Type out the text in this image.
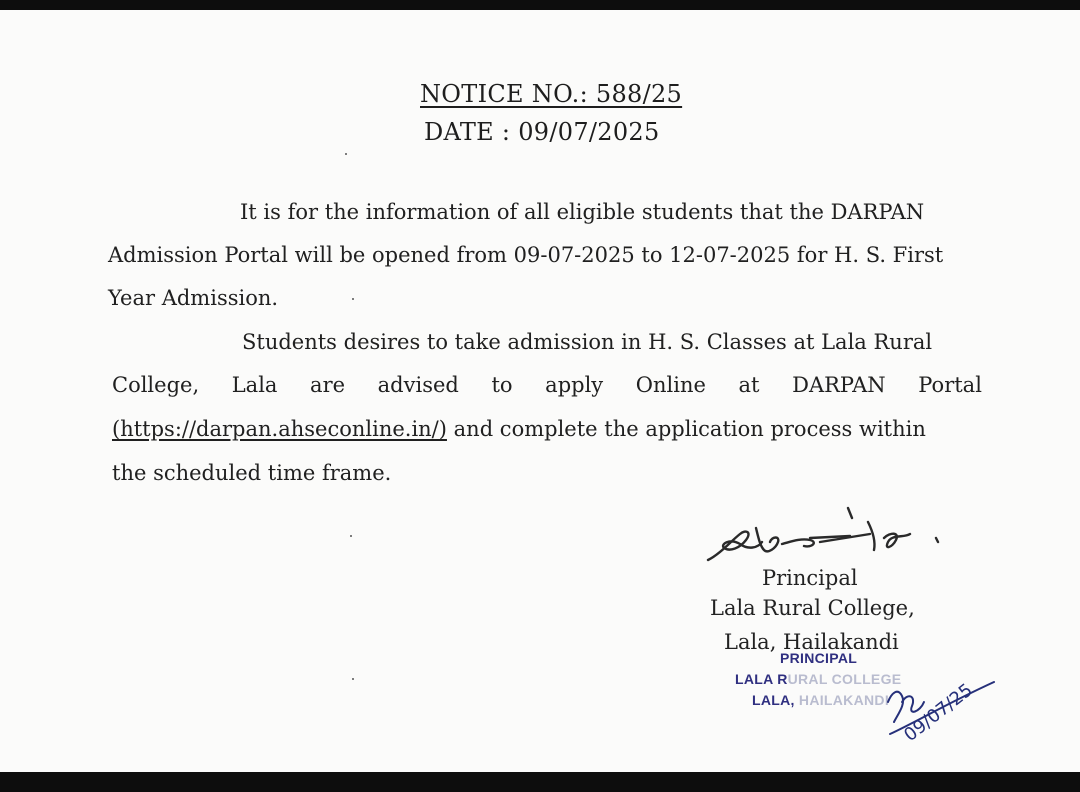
NOTICE NO.: 588/25
DATE : 09/07/2025
It is for the information of all eligible students that the DARPAN
Admission Portal will be opened from 09-07-2025 to 12-07-2025 for H. S. First
Year Admission.
Students desires to take admission in H. S. Classes at Lala Rural
College, Lala are advised to apply Online at DARPAN Portal
(https://darpan.ahseconline.in/) and complete the application process within
the scheduled time frame.
Principal
Lala Rural College,
Lala, Hailakandi
PRINCIPAL
LALA RURAL COLLEGE
LALA, HAILAKANDI 09/07/25
